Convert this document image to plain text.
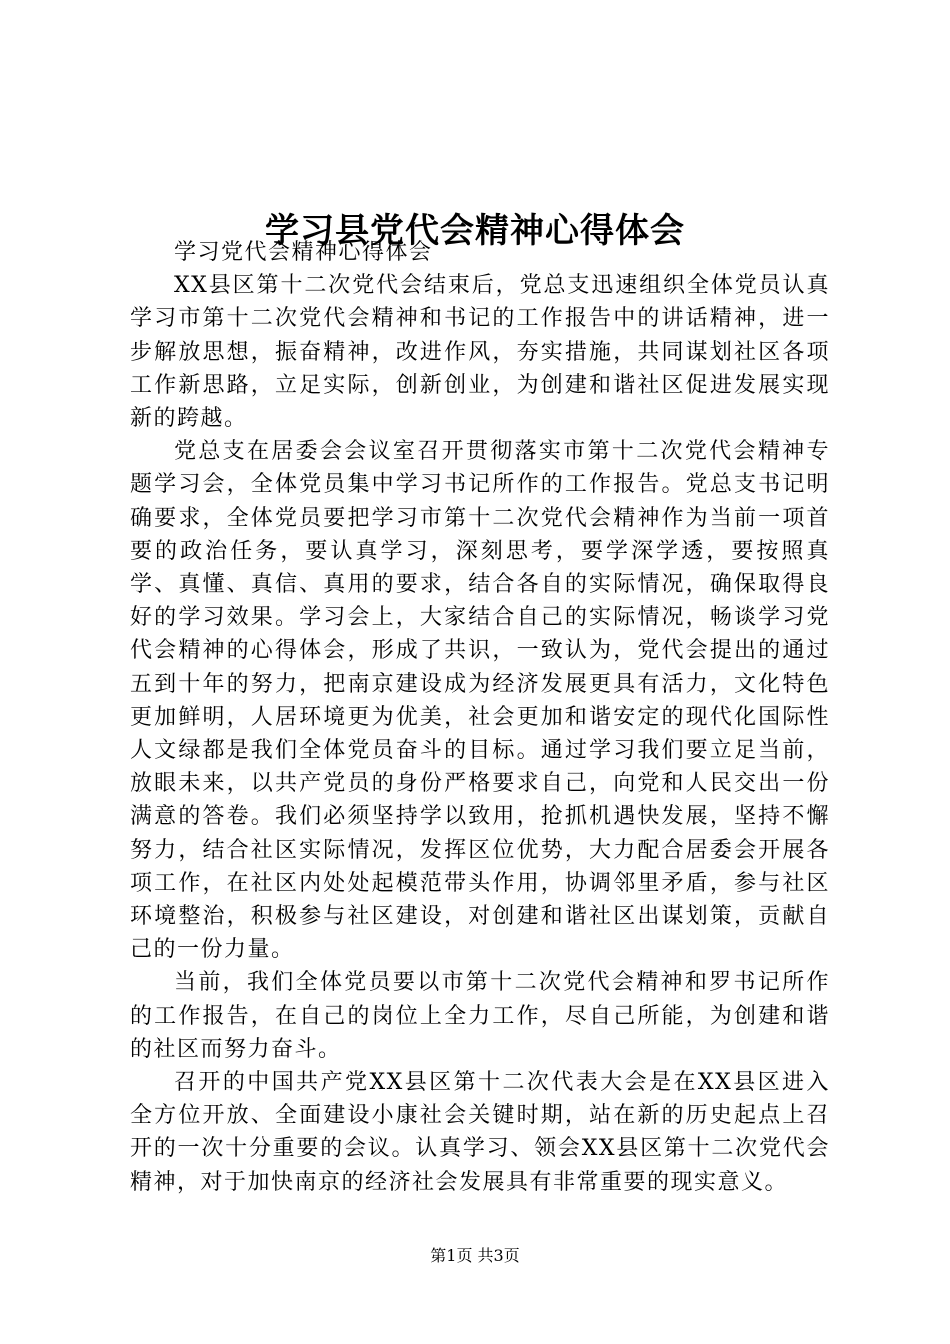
学习县党代会精神心得体会

学习党代会精神心得体会

XX县区第十二次党代会结束后，党总支迅速组织全体党员认真学习市第十二次党代会精神和书记的工作报告中的讲话精神，进一步解放思想，振奋精神，改进作风，夯实措施，共同谋划社区各项工作新思路，立足实际，创新创业，为创建和谐社区促进发展实现新的跨越。

党总支在居委会会议室召开贯彻落实市第十二次党代会精神专题学习会，全体党员集中学习书记所作的工作报告。党总支书记明确要求，全体党员要把学习市第十二次党代会精神作为当前一项首要的政治任务，要认真学习，深刻思考，要学深学透，要按照真学、真懂、真信、真用的要求，结合各自的实际情况，确保取得良好的学习效果。学习会上，大家结合自己的实际情况，畅谈学习党代会精神的心得体会，形成了共识，一致认为，党代会提出的通过五到十年的努力，把南京建设成为经济发展更具有活力，文化特色更加鲜明，人居环境更为优美，社会更加和谐安定的现代化国际性人文绿都是我们全体党员奋斗的目标。通过学习我们要立足当前，放眼未来，以共产党员的身份严格要求自己，向党和人民交出一份满意的答卷。我们必须坚持学以致用，抢抓机遇快发展，坚持不懈努力，结合社区实际情况，发挥区位优势，大力配合居委会开展各项工作，在社区内处处起模范带头作用，协调邻里矛盾，参与社区环境整治，积极参与社区建设，对创建和谐社区出谋划策，贡献自己的一份力量。

当前，我们全体党员要以市第十二次党代会精神和罗书记所作的工作报告，在自己的岗位上全力工作，尽自己所能，为创建和谐的社区而努力奋斗。

召开的中国共产党XX县区第十二次代表大会是在XX县区进入全方位开放、全面建设小康社会关键时期，站在新的历史起点上召开的一次十分重要的会议。认真学习、领会XX县区第十二次党代会精神，对于加快南京的经济社会发展具有非常重要的现实意义。

第1页 共3页
